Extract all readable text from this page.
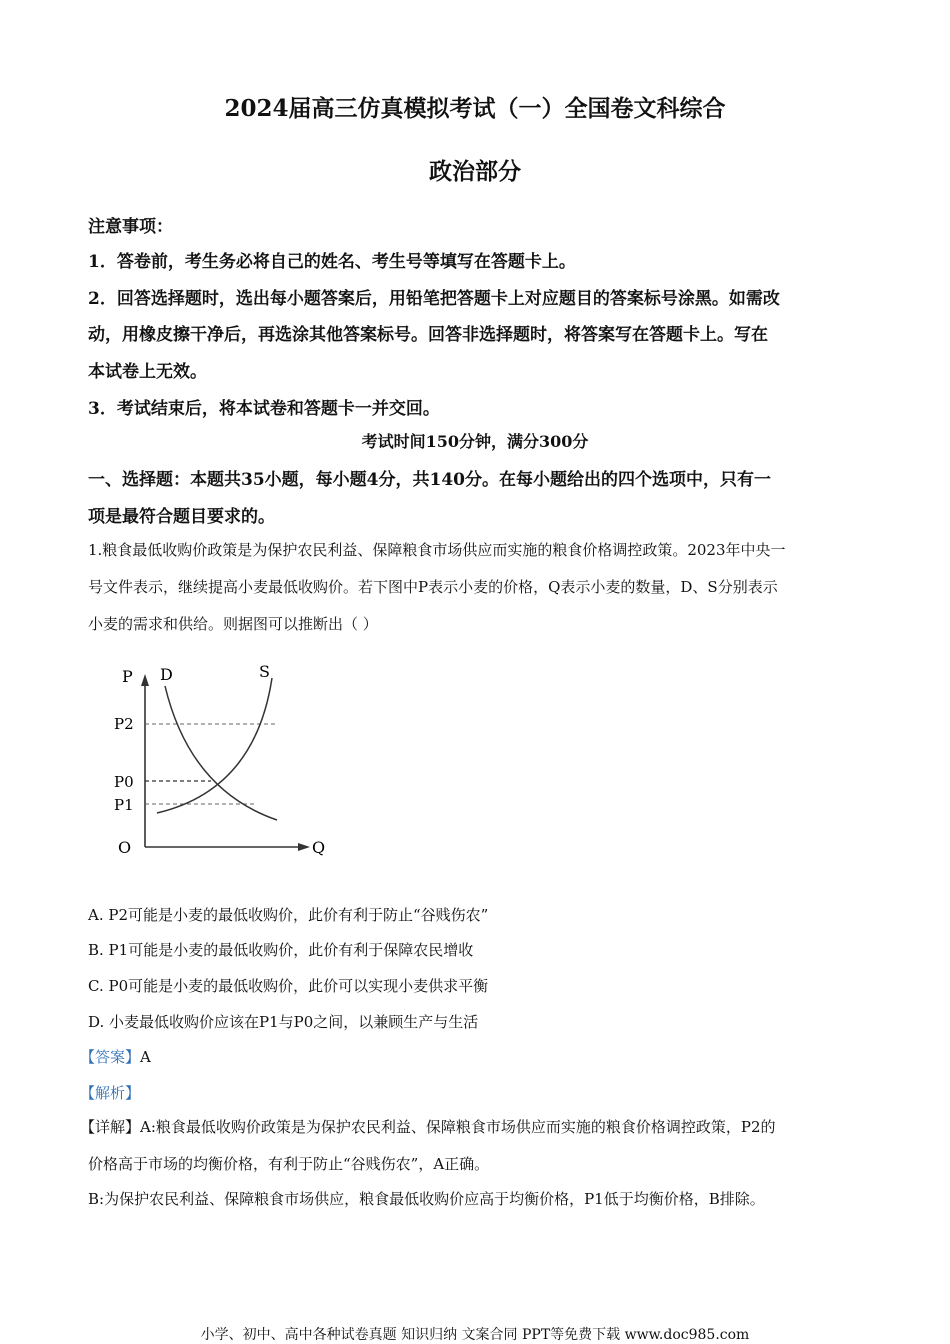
2024届高三仿真模拟考试（一）全国卷文科综合
政治部分
注意事项：
1．答卷前，考生务必将自己的姓名、考生号等填写在答题卡上。
2．回答选择题时，选出每小题答案后，用铅笔把答题卡上对应题目的答案标号涂黑。如需改
动，用橡皮擦干净后，再选涂其他答案标号。回答非选择题时，将答案写在答题卡上。写在
本试卷上无效。
3．考试结束后，将本试卷和答题卡一并交回。
考试时间150分钟，满分300分
一、选择题：本题共35小题，每小题4分，共140分。在每小题给出的四个选项中，只有一
项是最符合题目要求的。
1.粮食最低收购价政策是为保护农民利益、保障粮食市场供应而实施的粮食价格调控政策。2023年中央一
号文件表示，继续提高小麦最低收购价。若下图中P表示小麦的价格，Q表示小麦的数量，D、S分别表示
小麦的需求和供给。则据图可以推断出（ ）
P D	S
P2
P0
P1
O	Q
A. P2可能是小麦的最低收购价，此价有利于防止“谷贱伤农”
B. P1可能是小麦的最低收购价，此价有利于保障农民增收
C. P0可能是小麦的最低收购价，此价可以实现小麦供求平衡
D. 小麦最低收购价应该在P1与P0之间，以兼顾生产与生活
【答案】A
【解析】
【详解】A:粮食最低收购价政策是为保护农民利益、保障粮食市场供应而实施的粮食价格调控政策，P2的
价格高于市场的均衡价格，有利于防止“谷贱伤农”，A正确。
B:为保护农民利益、保障粮食市场供应，粮食最低收购价应高于均衡价格，P1低于均衡价格，B排除。
小学、初中、高中各种试卷真题 知识归纳 文案合同 PPT等免费下载 www.doc985.com
